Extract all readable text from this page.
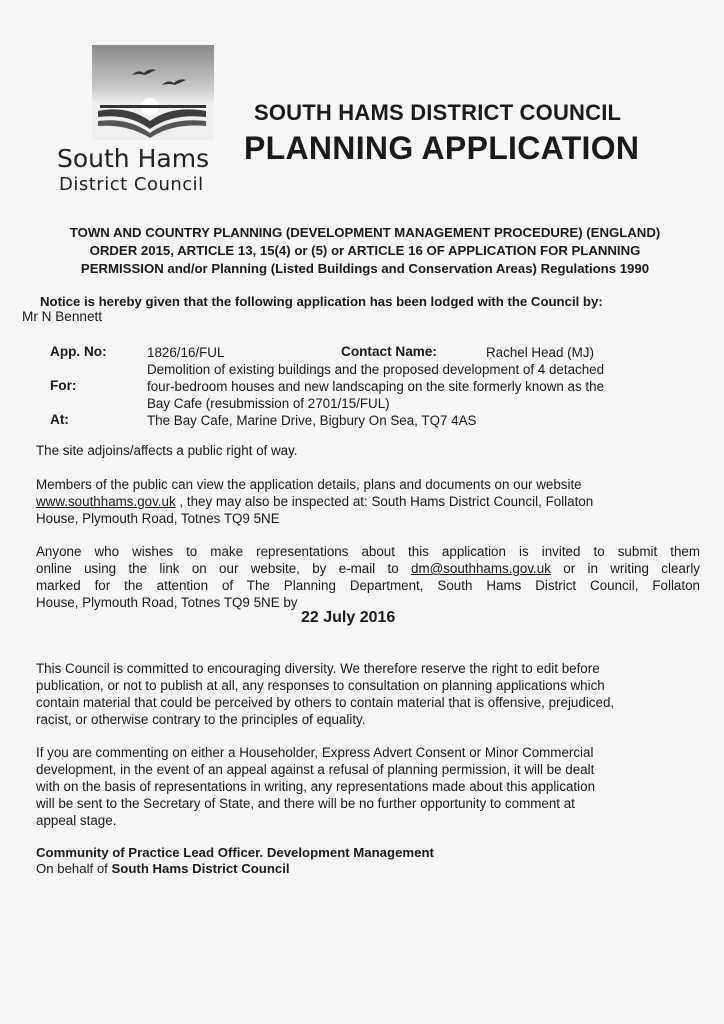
South Hams
District Council
SOUTH HAMS DISTRICT COUNCIL
PLANNING APPLICATION
TOWN AND COUNTRY PLANNING (DEVELOPMENT MANAGEMENT PROCEDURE) (ENGLAND)
ORDER 2015, ARTICLE 13, 15(4) or (5) or ARTICLE 16 OF APPLICATION FOR PLANNING
PERMISSION and/or Planning (Listed Buildings and Conservation Areas) Regulations 1990
Notice is hereby given that the following application has been lodged with the Council by:
Mr N Bennett
App. No:	1826/16/FUL	Contact Name:	Rachel Head (MJ)
For:
Demolition of existing buildings and the proposed development of 4 detached
four-bedroom houses and new landscaping on the site formerly known as the
Bay Cafe (resubmission of 2701/15/FUL)
At:	The Bay Cafe, Marine Drive, Bigbury On Sea, TQ7 4AS
The site adjoins/affects a public right of way.
Members of the public can view the application details, plans and documents on our website
www.southhams.gov.uk , they may also be inspected at: South Hams District Council, Follaton
House, Plymouth Road, Totnes TQ9 5NE
Anyone who wishes to make representations about this application is invited to submit them
online using the link on our website, by e-mail to dm@southhams.gov.uk or in writing clearly
marked for the attention of The Planning Department, South Hams District Council, Follaton
House, Plymouth Road, Totnes TQ9 5NE by
22 July 2016
This Council is committed to encouraging diversity. We therefore reserve the right to edit before
publication, or not to publish at all, any responses to consultation on planning applications which
contain material that could be perceived by others to contain material that is offensive, prejudiced,
racist, or otherwise contrary to the principles of equality.
If you are commenting on either a Householder, Express Advert Consent or Minor Commercial
development, in the event of an appeal against a refusal of planning permission, it will be dealt
with on the basis of representations in writing, any representations made about this application
will be sent to the Secretary of State, and there will be no further opportunity to comment at
appeal stage.
Community of Practice Lead Officer. Development Management
On behalf of South Hams District Council
